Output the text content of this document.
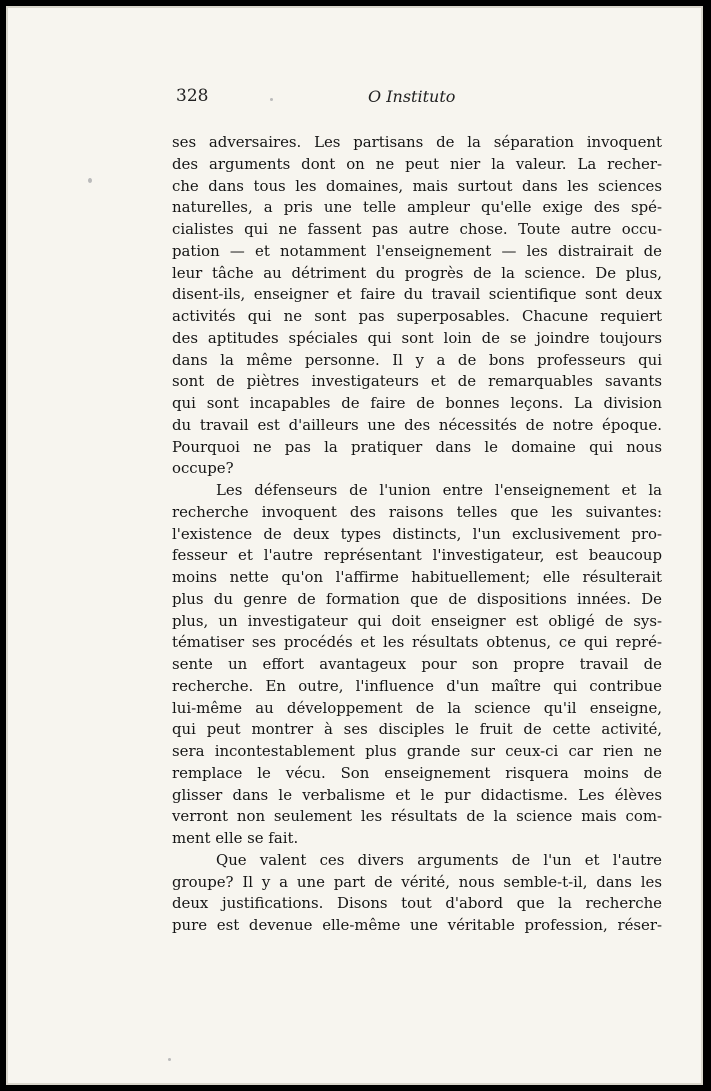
328	O Instituto
ses adversaires. Les partisans de la séparation invoquent
des arguments dont on ne peut nier la valeur. La recher-
che dans tous les domaines, mais surtout dans les sciences
naturelles, a pris une telle ampleur qu'elle exige des spé-
cialistes qui ne fassent pas autre chose. Toute autre occu-
pation — et notamment l'enseignement — les distrairait de
leur tâche au détriment du progrès de la science. De plus,
disent-ils, enseigner et faire du travail scientifique sont deux
activités qui ne sont pas superposables. Chacune requiert
des aptitudes spéciales qui sont loin de se joindre toujours
dans la même personne. Il y a de bons professeurs qui
sont de piètres investigateurs et de remarquables savants
qui sont incapables de faire de bonnes leçons. La division
du travail est d'ailleurs une des nécessités de notre époque.
Pourquoi ne pas la pratiquer dans le domaine qui nous
occupe?
Les défenseurs de l'union entre l'enseignement et la
recherche invoquent des raisons telles que les suivantes:
l'existence de deux types distincts, l'un exclusivement pro-
fesseur et l'autre représentant l'investigateur, est beaucoup
moins nette qu'on l'affirme habituellement; elle résulterait
plus du genre de formation que de dispositions innées. De
plus, un investigateur qui doit enseigner est obligé de sys-
tématiser ses procédés et les résultats obtenus, ce qui repré-
sente un effort avantageux pour son propre travail de
recherche. En outre, l'influence d'un maître qui contribue
lui-même au développement de la science qu'il enseigne,
qui peut montrer à ses disciples le fruit de cette activité,
sera incontestablement plus grande sur ceux-ci car rien ne
remplace le vécu. Son enseignement risquera moins de
glisser dans le verbalisme et le pur didactisme. Les élèves
verront non seulement les résultats de la science mais com-
ment elle se fait.
Que valent ces divers arguments de l'un et l'autre
groupe? Il y a une part de vérité, nous semble-t-il, dans les
deux justifications. Disons tout d'abord que la recherche
pure est devenue elle-même une véritable profession, réser-
